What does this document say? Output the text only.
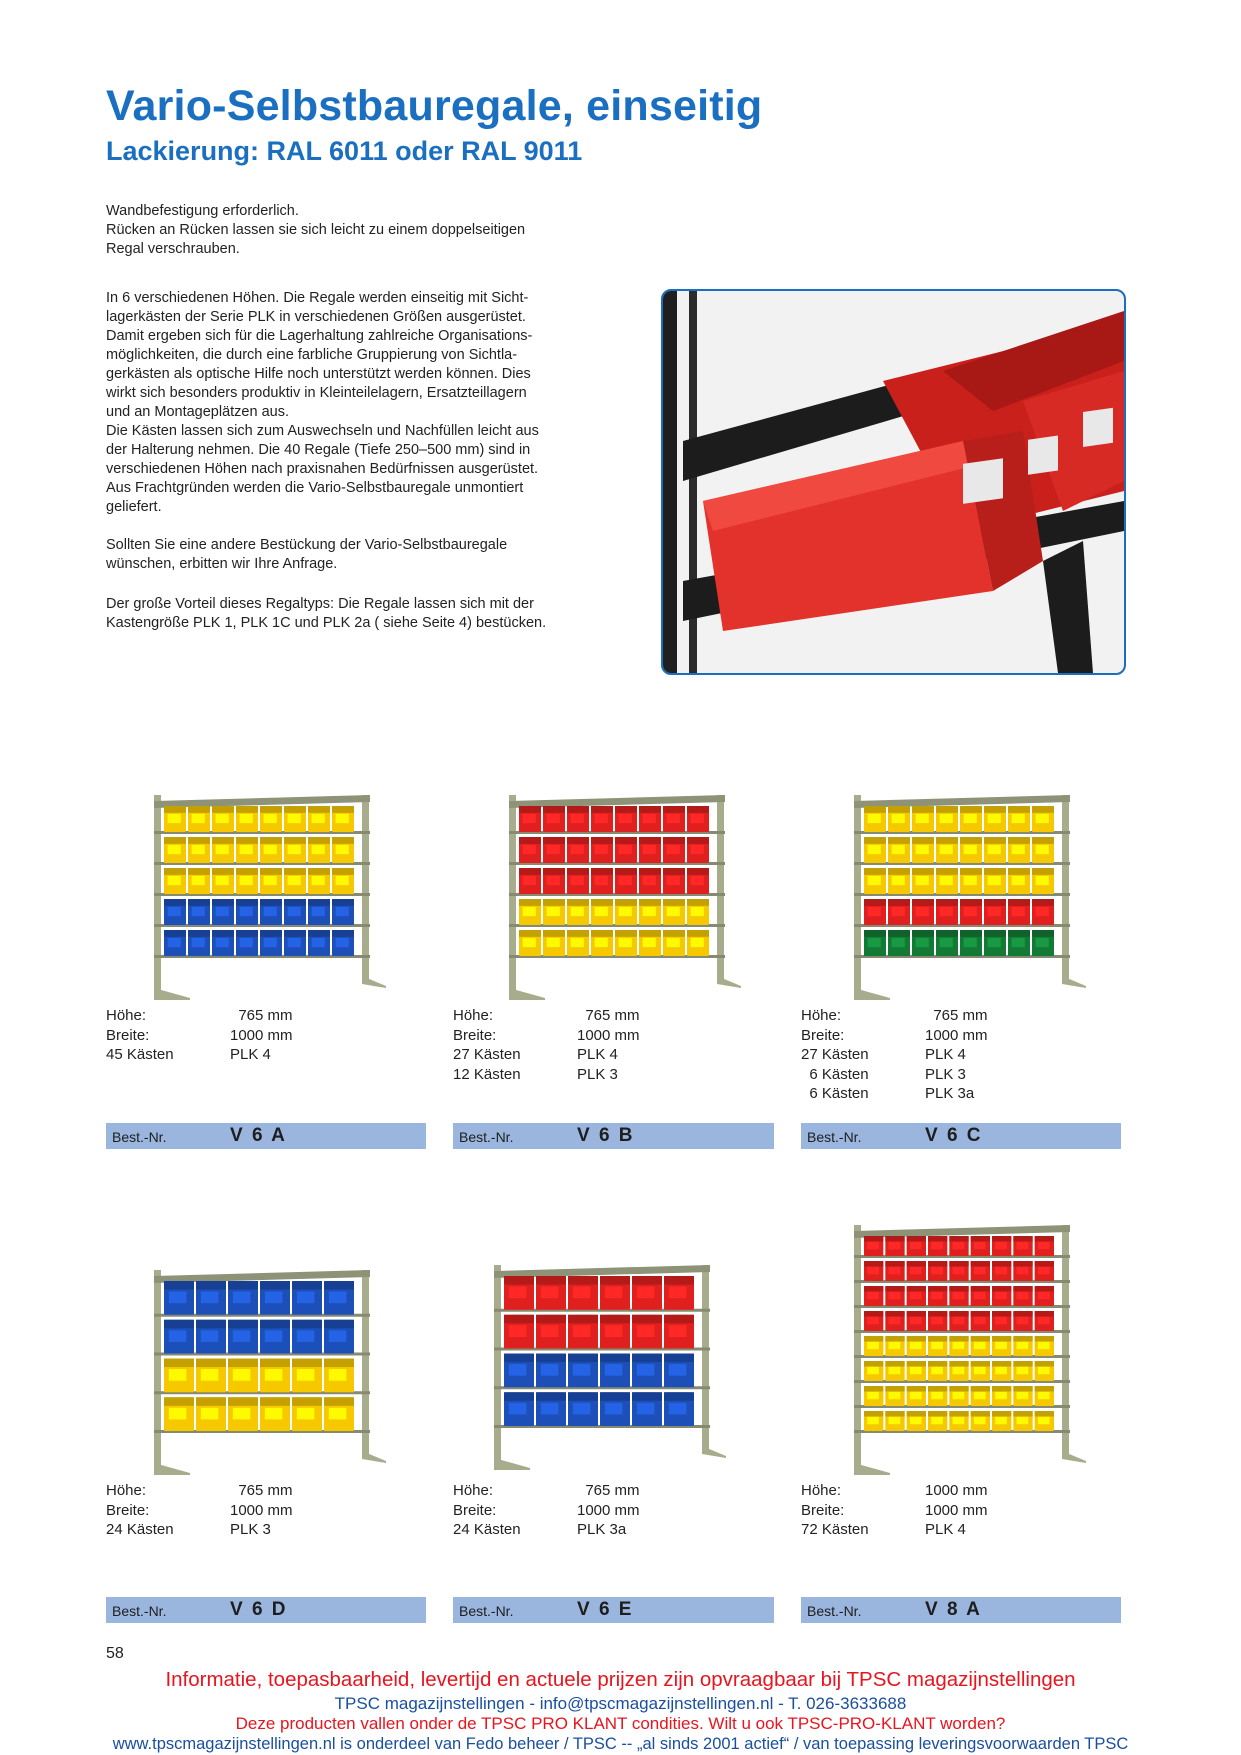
Vario-Selbstbauregale, einseitig
Lackierung: RAL 6011 oder RAL 9011
Wandbefestigung erforderlich.
Rücken an Rücken lassen sie sich leicht zu einem doppelseitigen
Regal verschrauben.
In 6 verschiedenen Höhen. Die Regale werden einseitig mit Sicht-
lagerkästen der Serie PLK in verschiedenen Größen ausgerüstet.
Damit ergeben sich für die Lagerhaltung zahlreiche Organisations-
möglichkeiten, die durch eine farbliche Gruppierung von Sichtla-
gerkästen als optische Hilfe noch unterstützt werden können. Dies
wirkt sich besonders produktiv in Kleinteilelagern, Ersatzteillagern
und an Montageplätzen aus.
Die Kästen lassen sich zum Auswechseln und Nachfüllen leicht aus
der Halterung nehmen. Die 40 Regale (Tiefe 250–500 mm) sind in
verschiedenen Höhen nach praxisnahen Bedürfnissen ausgerüstet.
Aus Frachtgründen werden die Vario-Selbstbauregale unmontiert
geliefert.
Sollten Sie eine andere Bestückung der Vario-Selbstbauregale
wünschen, erbitten wir Ihre Anfrage.
Der große Vorteil dieses Regaltyps: Die Regale lassen sich mit der
Kastengröße PLK 1, PLK 1C und PLK 2a ( siehe Seite 4) bestücken.
Höhe:	765 mm
Breite:	1000 mm
45 Kästen	PLK 4
Höhe:	765 mm
Breite:	1000 mm
27 Kästen	PLK 4
12 Kästen	PLK 3
Höhe:	765 mm
Breite:	1000 mm
27 Kästen	PLK 4
6 Kästen	PLK 3
6 Kästen	PLK 3a
Best.-Nr.	V 6 A	Best.-Nr.	V 6 B	Best.-Nr.	V 6 C
Höhe:	765 mm
Breite:	1000 mm
24 Kästen	PLK 3
Höhe:	765 mm
Breite:	1000 mm
24 Kästen	PLK 3a
Höhe:	1000 mm
Breite:	1000 mm
72 Kästen	PLK 4
Best.-Nr.	V 6 D	Best.-Nr.	V 6 E	Best.-Nr.	V 8 A
58
Informatie, toepasbaarheid, levertijd en actuele prijzen zijn opvraagbaar bij TPSC magazijnstellingen
TPSC magazijnstellingen - info@tpscmagazijnstellingen.nl - T. 026-3633688
Deze producten vallen onder de TPSC PRO KLANT condities. Wilt u ook TPSC-PRO-KLANT worden?
www.tpscmagazijnstellingen.nl is onderdeel van Fedo beheer / TPSC -- „al sinds 2001 actief“ / van toepassing leveringsvoorwaarden TPSC
